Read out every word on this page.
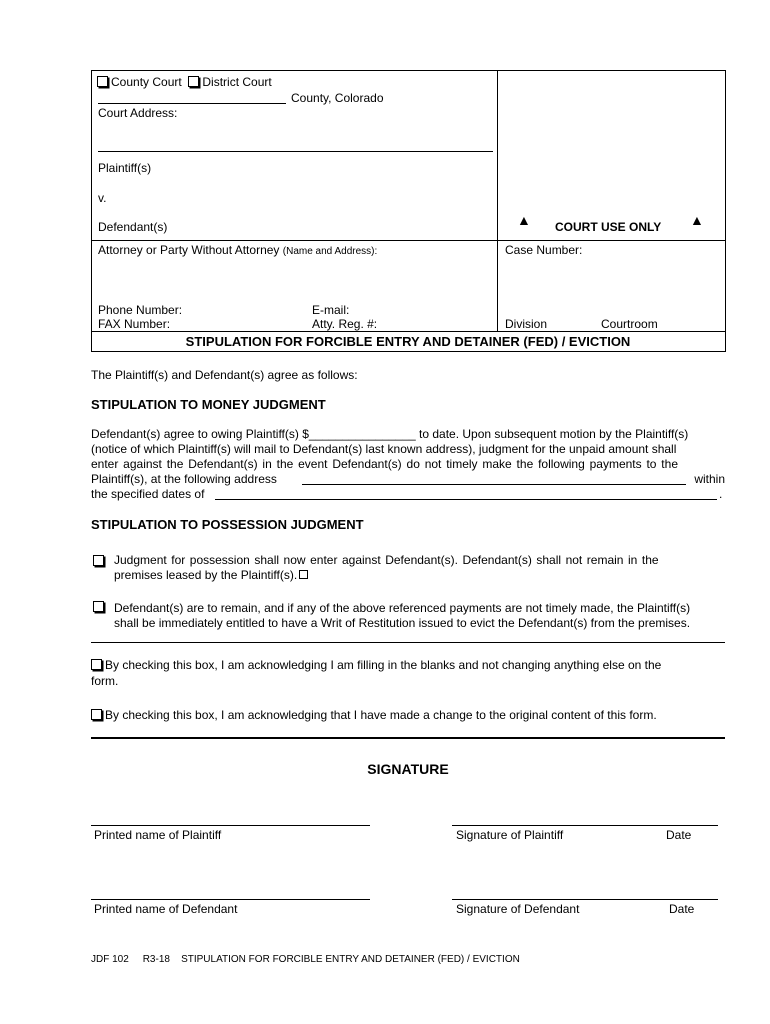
County Court District Court
County, Colorado
Court Address:
Plaintiff(s)
v.
Defendant(s)	▲ COURT USE ONLY ▲
Attorney or Party Without Attorney (Name and Address):	Case Number:
Phone Number:	E-mail:
FAX Number:	Atty. Reg. #:	Division	Courtroom
STIPULATION FOR FORCIBLE ENTRY AND DETAINER (FED) / EVICTION
The Plaintiff(s) and Defendant(s) agree as follows:
STIPULATION TO MONEY JUDGMENT
Defendant(s) agree to owing Plaintiff(s) $________________ to date. Upon subsequent motion by the Plaintiff(s)
(notice of which Plaintiff(s) will mail to Defendant(s) last known address), judgment for the unpaid amount shall
enter against the Defendant(s) in the event Defendant(s) do not timely make the following payments to the
Plaintiff(s), at the following address	within
the specified dates of	.
STIPULATION TO POSSESSION JUDGMENT
Judgment for possession shall now enter against Defendant(s). Defendant(s) shall not remain in the
premises leased by the Plaintiff(s).
Defendant(s) are to remain, and if any of the above referenced payments are not timely made, the Plaintiff(s)
shall be immediately entitled to have a Writ of Restitution issued to evict the Defendant(s) from the premises.
By checking this box, I am acknowledging I am filling in the blanks and not changing anything else on the
form.
By checking this box, I am acknowledging that I have made a change to the original content of this form.
SIGNATURE
Printed name of Plaintiff	Signature of Plaintiff	Date
Printed name of Defendant	Signature of Defendant	Date
JDF 102 R3-18 STIPULATION FOR FORCIBLE ENTRY AND DETAINER (FED) / EVICTION
